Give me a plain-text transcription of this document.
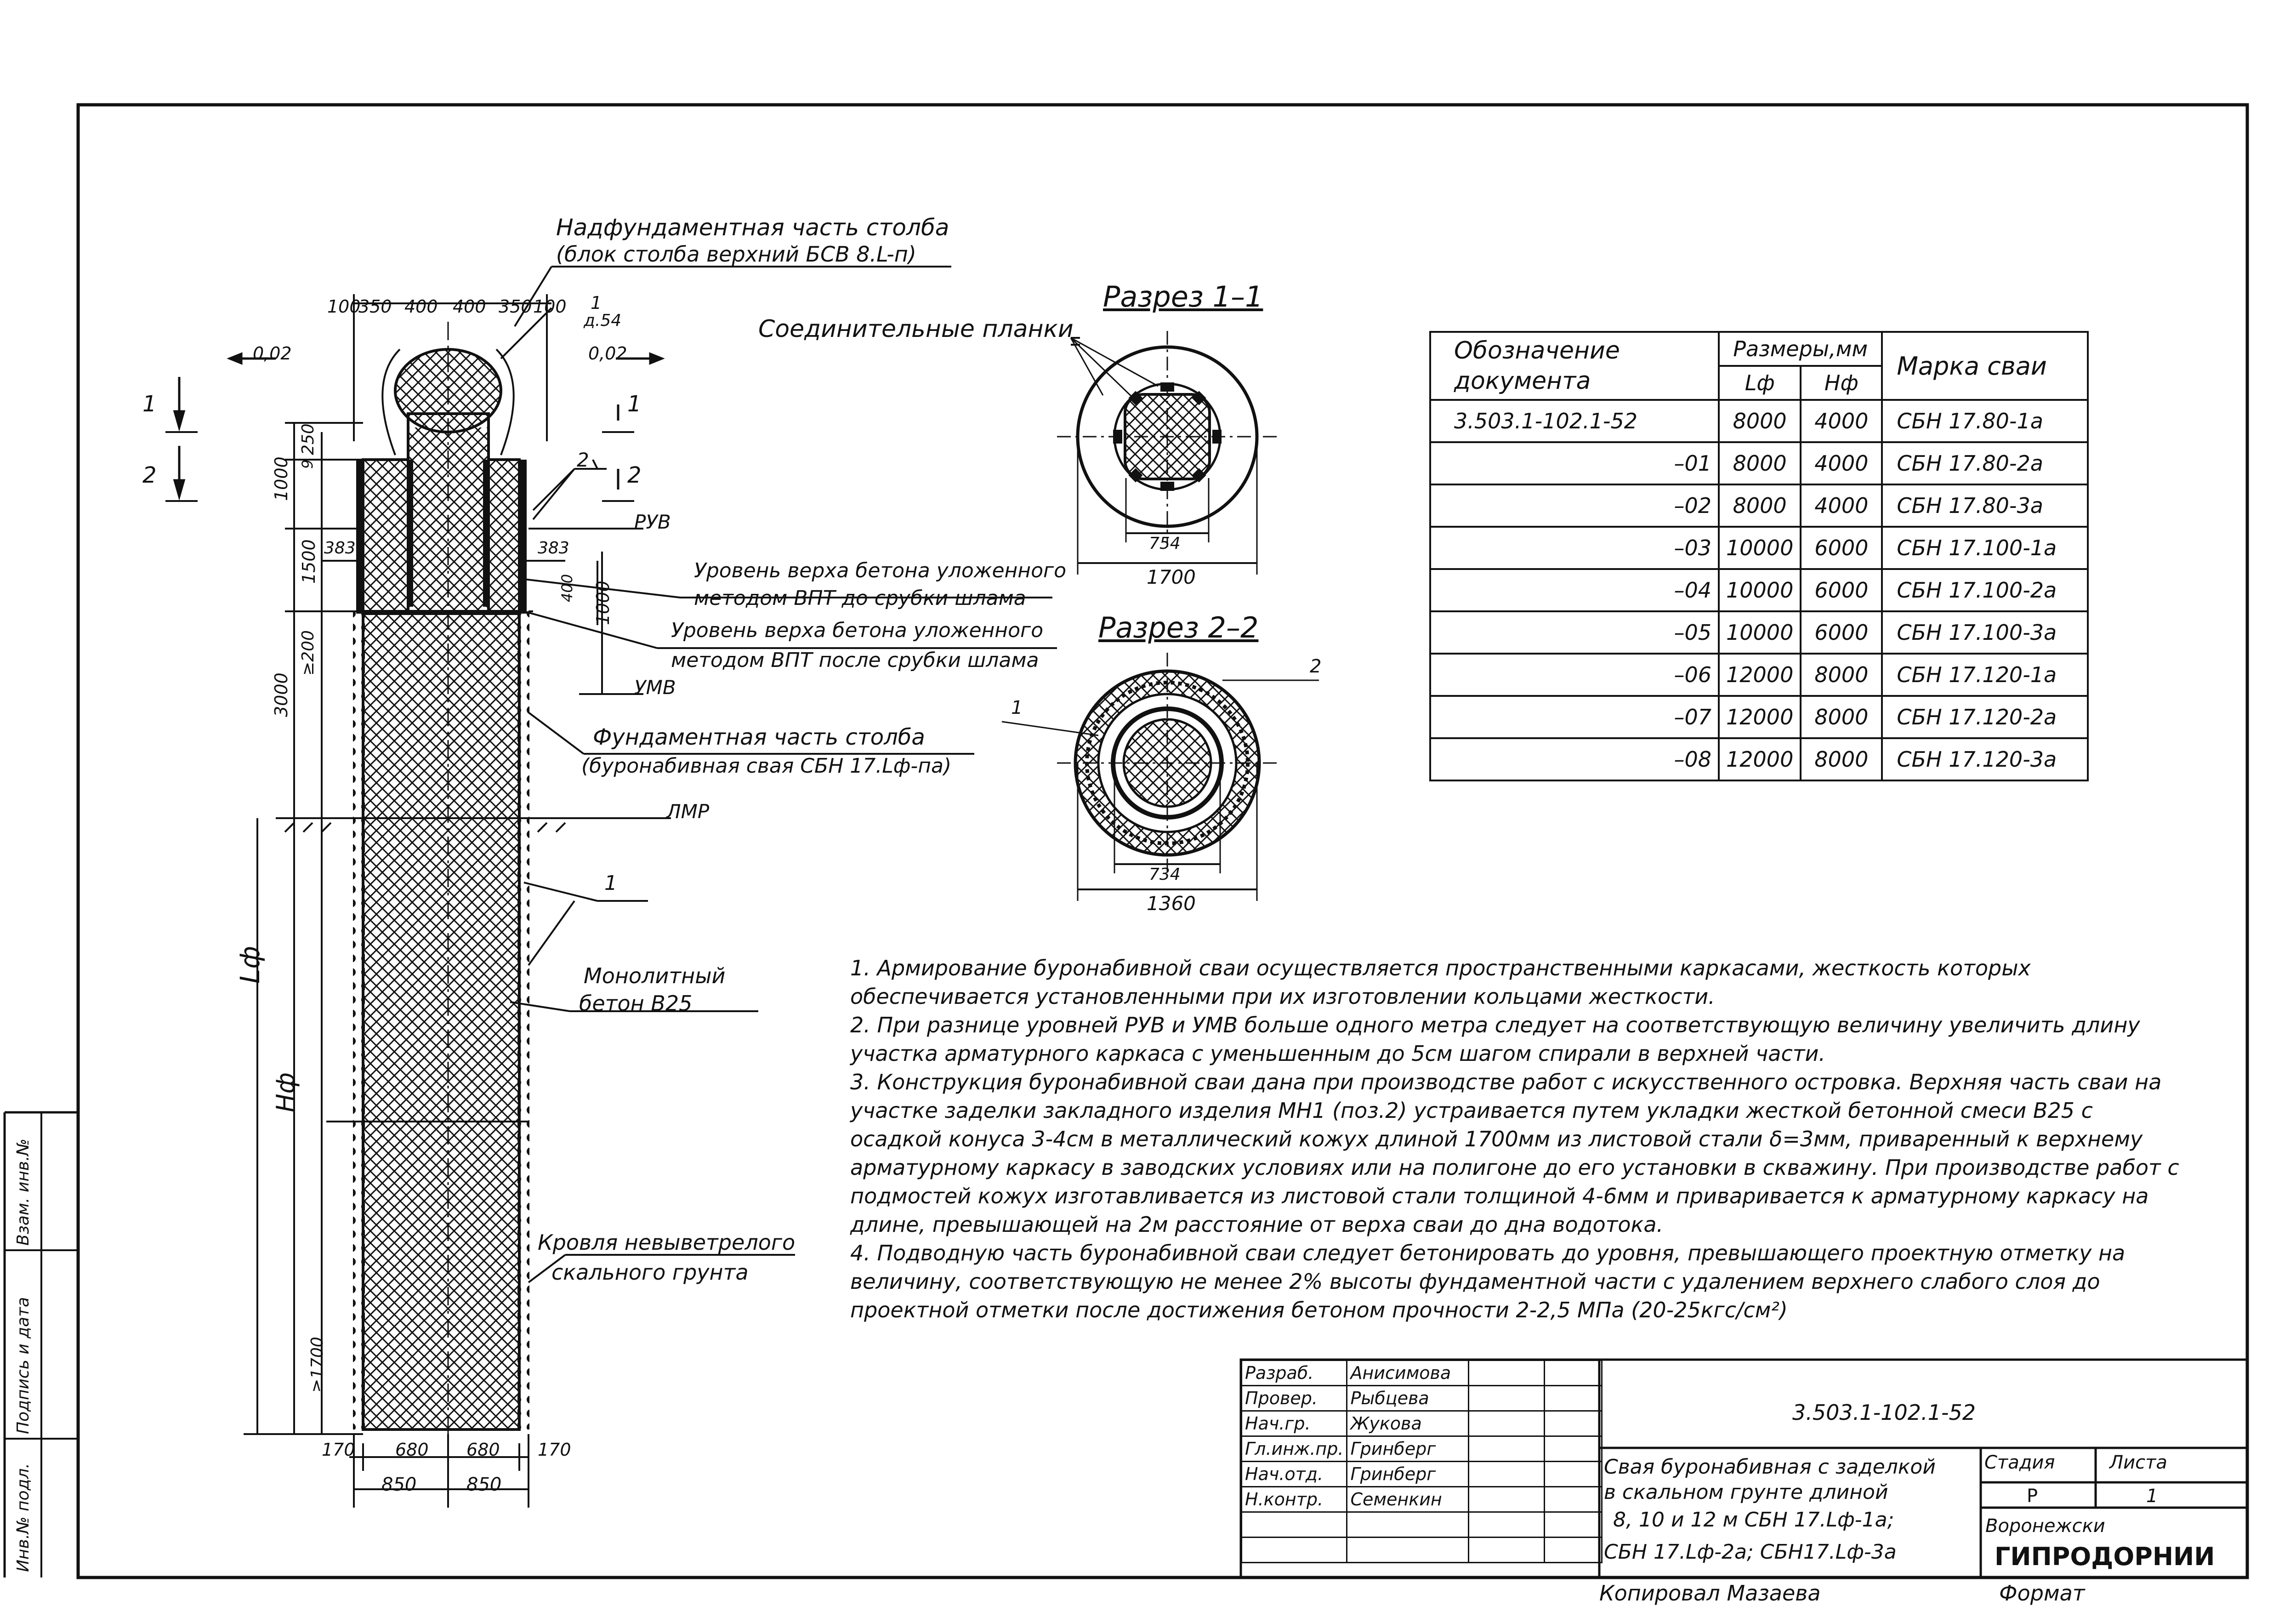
Надфундаментная часть столба
(блок столба верхний БСВ 8.L-п)
100
350 400 400 350 100
0,02	0,02
1
д.54
1
2
1
2
2
РУВ
УМВ
ЛМР
Уровень верха бетона уложенного
методом ВПТ до срубки шлама
Уровень верха бетона уложенного
методом ВПТ после срубки шлама
Фундаментная часть столба
(буронабивная свая СБН 17.Lф-па)
1
Монолитный
бетон В25
Кровля невыветрелого
скального грунта
383	383
250
9
1000
1500
3000
≥200
400 1000
Lф
Hф
≥1700
170 680 680 170
850	850
Разрез 1–1
Соединительные планки
754
1700
Разрез 2–2
1
2
734
1360
Обозначение
документа	Размеры,мм		Марка сваи
	Lф	Hф	
3.503.1-102.1-52	8000	4000	СБН 17.80-1а
–01	8000	4000	СБН 17.80-2а
–02	8000	4000	СБН 17.80-3а
–03	10000	6000	СБН 17.100-1а
–04	10000	6000	СБН 17.100-2а
–05	10000	6000	СБН 17.100-3а
–06	12000	8000	СБН 17.120-1а
–07	12000	8000	СБН 17.120-2а
–08	12000	8000	СБН 17.120-3а

1. Армирование буронабивной сваи осуществляется пространственными каркасами, жесткость которых обеспечивается установленными при их изготовлении кольцами жесткости.

2. При разнице уровней РУВ и УМВ больше одного метра следует на соответствующую величину увеличить длину участка арматурного каркаса с уменьшенным до 5см шагом спирали в верхней части.

3. Конструкция буронабивной сваи дана при производстве работ с искусственного островка. Верхняя часть сваи на участке заделки закладного изделия МН1 (поз.2) устраивается путем укладки жесткой бетонной смеси В25 с осадкой конуса 3-4см в металлический кожух длиной 1700мм из листовой стали δ=3мм, приваренный к верхнему арматурному каркасу в заводских условиях или на полигоне до его установки в скважину. При производстве работ с подмостей кожух изготавливается из листовой стали толщиной 4-6мм и приваривается к арматурному каркасу на длине, превышающей на 2м расстояние от верха сваи до дна водотока.

4. Подводную часть буронабивной сваи следует бетонировать до уровня, превышающего проектную отметку на величину, соответствующую не менее 2% высоты фундаментной части с удалением верхнего слабого слоя до проектной отметки после достижения бетоном прочности 2-2,5 МПа (20-25кгс/см²)

Разраб.	Анисимова		
Провер.	Рыбцева		
Нач.гр.	Жукова		
Гл.инж.пр.	Гринберг		
Нач.отд.	Гринберг		
Н.контр.	Семенкин		

3.503.1-102.1-52
Свая буронабивная с заделкой
в скальном грунте длиной
8, 10 и 12 м СБН 17.Lф-1а;
СБН 17.Lф-2а; СБН17.Lф-3а
Стадия	Листа
Р	1
Воронежски
ГИПРОДОРНИИ
Инв.№ подл.
Подпись и дата
Взам. инв.№
Копировал Мазаева	Формат
